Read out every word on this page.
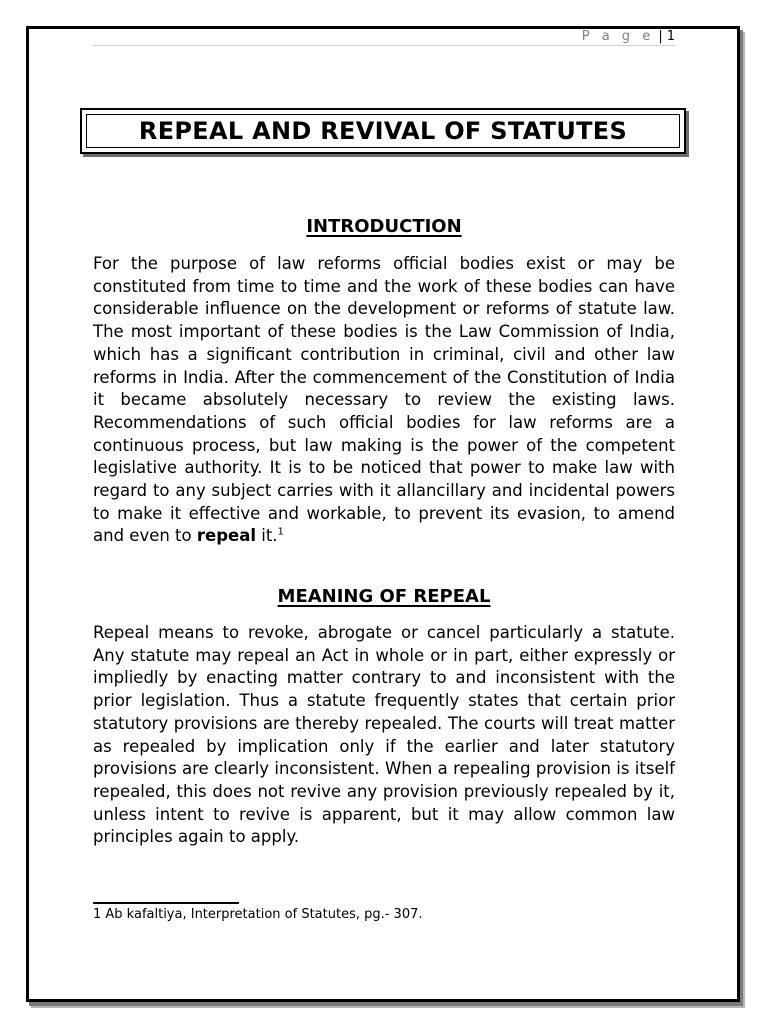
P a g e | 1
REPEAL AND REVIVAL OF STATUTES
INTRODUCTION

For the purpose of law reforms official bodies exist or may be constituted from time to time and the work of these bodies can have considerable influence on the development or reforms of statute law. The most important of these bodies is the Law Commission of India, which has a significant contribution in criminal, civil and other law reforms in India. After the commencement of the Constitution of India it became absolutely necessary to review the existing laws. Recommendations of such official bodies for law reforms are a continuous process, but law making is the power of the competent legislative authority. It is to be noticed that power to make law with regard to any subject carries with it allancillary and incidental powers to make it effective and workable, to prevent its evasion, to amend and even to repeal it.$^1$

MEANING OF REPEAL

Repeal means to revoke, abrogate or cancel particularly a statute. Any statute may repeal an Act in whole or in part, either expressly or impliedly by enacting matter contrary to and inconsistent with the prior legislation. Thus a statute frequently states that certain prior statutory provisions are thereby repealed. The courts will treat matter as repealed by implication only if the earlier and later statutory provisions are clearly inconsistent. When a repealing provision is itself repealed, this does not revive any provision previously repealed by it, unless intent to revive is apparent, but it may allow common law principles again to apply.

1 Ab kafaltiya, Interpretation of Statutes, pg.- 307.
